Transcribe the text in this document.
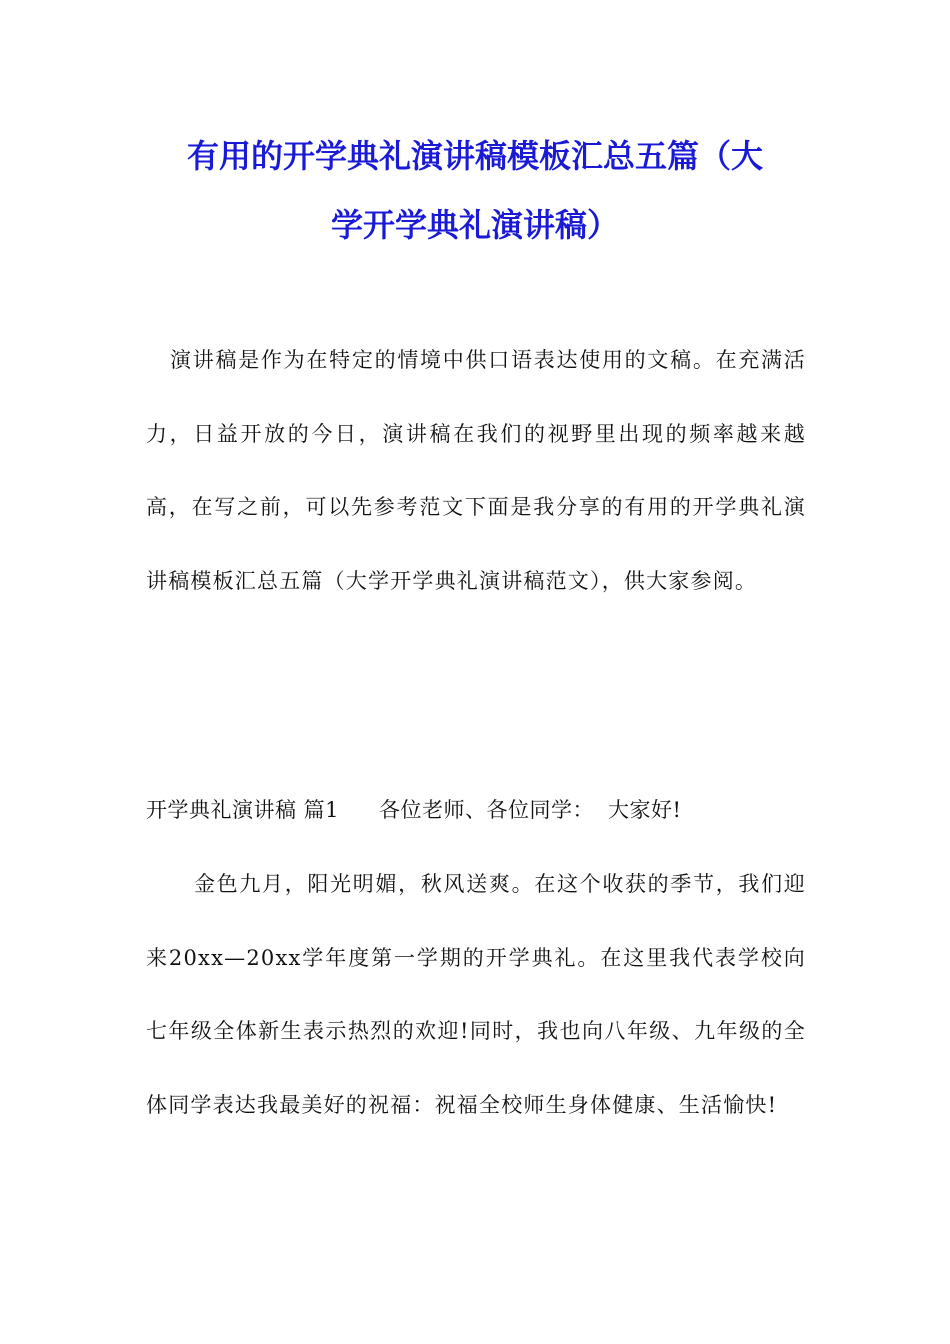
有用的开学典礼演讲稿模板汇总五篇（大
学开学典礼演讲稿）

演讲稿是作为在特定的情境中供口语表达使用的文稿。在充满活力，日益开放的今日，演讲稿在我们的视野里出现的频率越来越高，在写之前，可以先参考范文下面是我分享的有用的开学典礼演讲稿模板汇总五篇（大学开学典礼演讲稿范文），供大家参阅。

开学典礼演讲稿 篇1 各位老师、各位同学： 大家好!

金色九月，阳光明媚，秋风送爽。在这个收获的季节，我们迎来20xx—20xx学年度第一学期的开学典礼。在这里我代表学校向七年级全体新生表示热烈的欢迎!同时，我也向八年级、九年级的全体同学表达我最美好的祝福：祝福全校师生身体健康、生活愉快!
